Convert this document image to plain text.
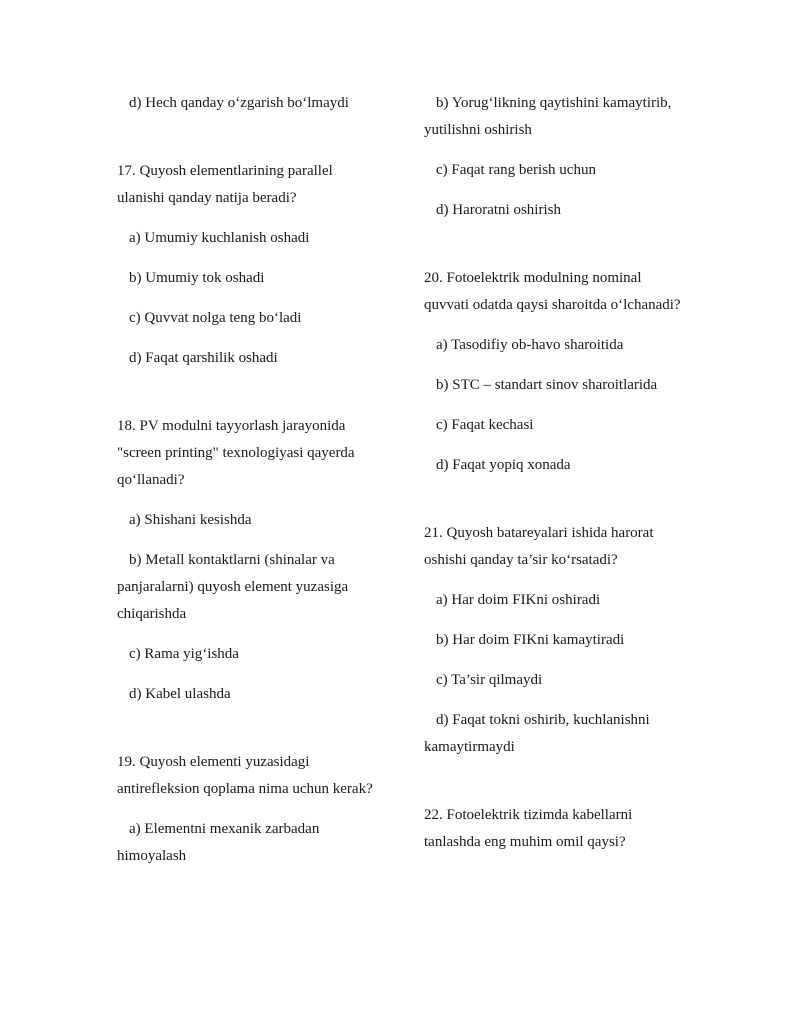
d) Hech qanday o‘zgarish bo‘lmaydi

17. Quyosh elementlarining parallel ulanishi qanday natija beradi?

a) Umumiy kuchlanish oshadi

b) Umumiy tok oshadi

c) Quvvat nolga teng bo‘ladi

d) Faqat qarshilik oshadi

18. PV modulni tayyorlash jarayonida "screen printing" texnologiyasi qayerda qo‘llanadi?

a) Shishani kesishda

b) Metall kontaktlarni (shinalar va panjaralarni) quyosh element yuzasiga chiqarishda

c) Rama yig‘ishda

d) Kabel ulashda

19. Quyosh elementi yuzasidagi antirefleksion qoplama nima uchun kerak?

a) Elementni mexanik zarbadan himoyalash

b) Yorug‘likning qaytishini kamaytirib, yutilishni oshirish

c) Faqat rang berish uchun

d) Haroratni oshirish

20. Fotoelektrik modulning nominal quvvati odatda qaysi sharoitda o‘lchanadi?

a) Tasodifiy ob-havo sharoitida

b) STC – standart sinov sharoitlarida

c) Faqat kechasi

d) Faqat yopiq xonada

21. Quyosh batareyalari ishida harorat oshishi qanday ta’sir ko‘rsatadi?

a) Har doim FIKni oshiradi

b) Har doim FIKni kamaytiradi

c) Ta’sir qilmaydi

d) Faqat tokni oshirib, kuchlanishni kamaytirmaydi

22. Fotoelektrik tizimda kabellarni tanlashda eng muhim omil qaysi?
